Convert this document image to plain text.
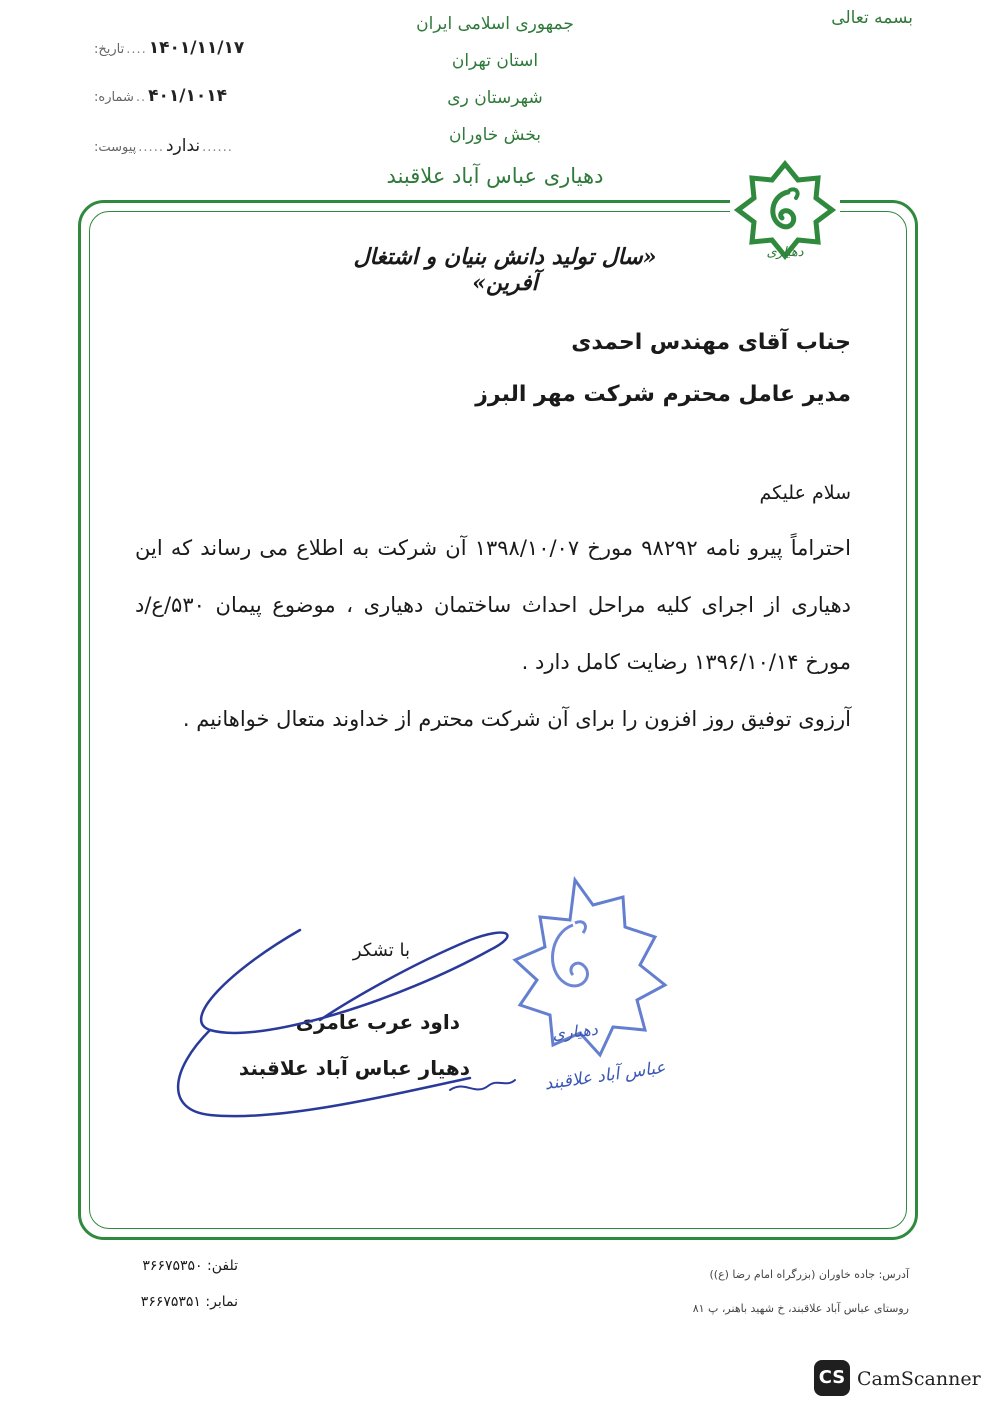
بسمه تعالی
جمهوری اسلامی ایران
استان تهران
شهرستان ری
بخش خاوران
دهیاری عباس آباد علاقبند
تاریخ: .... ۱۴۰۱/۱۱/۱۷
شماره: .. ۴۰۱/۱۰۱۴
پیوست: ..... ندارد ......
دهیاری
«سال تولید دانش بنیان و اشتغال آفرین»
جناب آقای مهندس احمدی
مدیر عامل محترم شرکت مهر البرز
سلام علیکم

احتراماً پیرو نامه ۹۸۲۹۲ مورخ ۱۳۹۸/۱۰/۰۷ آن شرکت به اطلاع می رساند که این دهیاری از اجرای کلیه مراحل احداث ساختمان دهیاری ، موضوع پیمان ۵۳۰/ع/د مورخ ۱۳۹۶/۱۰/۱۴ رضایت کامل دارد .

آرزوی توفیق روز افزون را برای آن شرکت محترم از خداوند متعال خواهانیم .

دهیاری
عباس آباد علاقبند
با تشکر
داود عرب عامری
دهیار عباس آباد علاقبند
تلفن: ۳۶۶۷۵۳۵۰
نمابر: ۳۶۶۷۵۳۵۱
آدرس: جاده خاوران (بزرگراه امام رضا (ع))
روستای عباس آباد علاقبند، خ شهید باهنر، پ ۸۱
CS CamScanner
